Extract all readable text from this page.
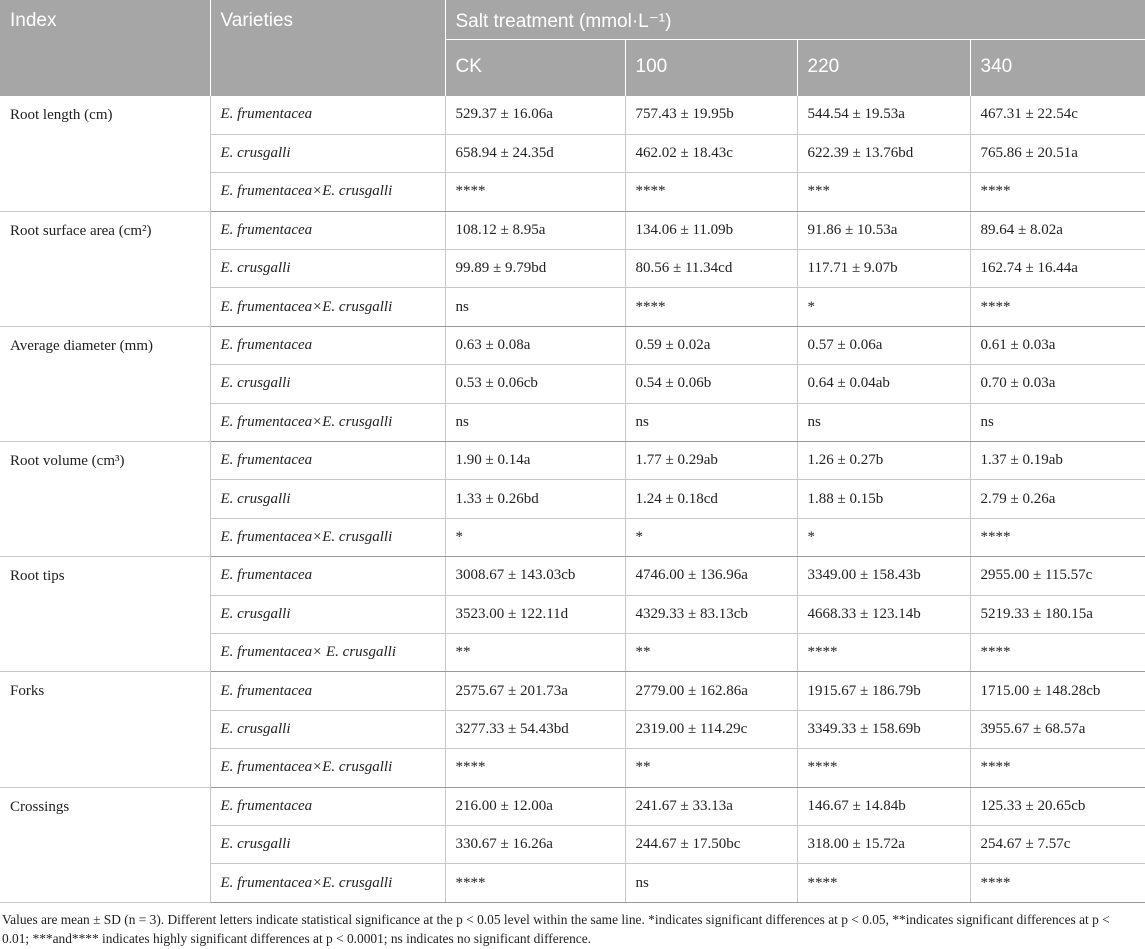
Index	Varieties	Salt treatment (mmol·L⁻¹)			
		CK	100	220	340
Root length (cm)	E. frumentacea	529.37 ± 16.06a	757.43 ± 19.95b	544.54 ± 19.53a	467.31 ± 22.54c
	E. crusgalli	658.94 ± 24.35d	462.02 ± 18.43c	622.39 ± 13.76bd	765.86 ± 20.51a
	E. frumentacea×E. crusgalli	****	****	***	****
Root surface area (cm²)	E. frumentacea	108.12 ± 8.95a	134.06 ± 11.09b	91.86 ± 10.53a	89.64 ± 8.02a
	E. crusgalli	99.89 ± 9.79bd	80.56 ± 11.34cd	117.71 ± 9.07b	162.74 ± 16.44a
	E. frumentacea×E. crusgalli	ns	****	*	****
Average diameter (mm)	E. frumentacea	0.63 ± 0.08a	0.59 ± 0.02a	0.57 ± 0.06a	0.61 ± 0.03a
	E. crusgalli	0.53 ± 0.06cb	0.54 ± 0.06b	0.64 ± 0.04ab	0.70 ± 0.03a
	E. frumentacea×E. crusgalli	ns	ns	ns	ns
Root volume (cm³)	E. frumentacea	1.90 ± 0.14a	1.77 ± 0.29ab	1.26 ± 0.27b	1.37 ± 0.19ab
	E. crusgalli	1.33 ± 0.26bd	1.24 ± 0.18cd	1.88 ± 0.15b	2.79 ± 0.26a
	E. frumentacea×E. crusgalli	*	*	*	****
Root tips	E. frumentacea	3008.67 ± 143.03cb	4746.00 ± 136.96a	3349.00 ± 158.43b	2955.00 ± 115.57c
	E. crusgalli	3523.00 ± 122.11d	4329.33 ± 83.13cb	4668.33 ± 123.14b	5219.33 ± 180.15a
	E. frumentacea× E. crusgalli	**	**	****	****
Forks	E. frumentacea	2575.67 ± 201.73a	2779.00 ± 162.86a	1915.67 ± 186.79b	1715.00 ± 148.28cb
	E. crusgalli	3277.33 ± 54.43bd	2319.00 ± 114.29c	3349.33 ± 158.69b	3955.67 ± 68.57a
	E. frumentacea×E. crusgalli	****	**	****	****
Crossings	E. frumentacea	216.00 ± 12.00a	241.67 ± 33.13a	146.67 ± 14.84b	125.33 ± 20.65cb
	E. crusgalli	330.67 ± 16.26a	244.67 ± 17.50bc	318.00 ± 15.72a	254.67 ± 7.57c
	E. frumentacea×E. crusgalli	****	ns	****	****
Values are mean ± SD (n = 3). Different letters indicate statistical significance at the p < 0.05 level within the same line. *indicates significant differences at p < 0.05, **indicates significant differences at p < 0.01; ***and**** indicates highly significant differences at p < 0.0001; ns indicates no significant difference.
